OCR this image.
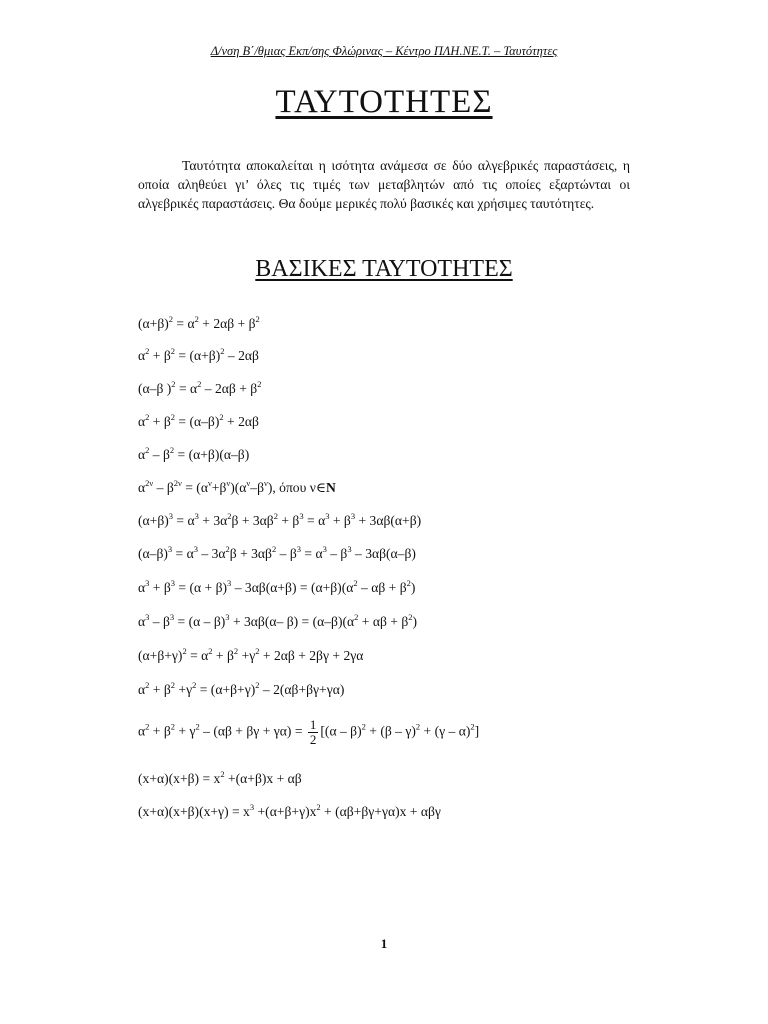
Δ/νση Β΄/θμιας Εκπ/σης Φλώρινας – Κέντρο ΠΛΗ.ΝΕ.Τ. – Ταυτότητες
ΤΑΥΤΟΤΗΤΕΣ
Ταυτότητα αποκαλείται η ισότητα ανάμεσα σε δύο αλγεβρικές παραστάσεις, η οποία αληθεύει γι’ όλες τις τιμές των μεταβλητών από τις οποίες εξαρτώνται οι αλγεβρικές παραστάσεις. Θα δούμε μερικές πολύ βασικές και χρήσιμες ταυτότητες.
ΒΑΣΙΚΕΣ ΤΑΥΤΟΤΗΤΕΣ
$(\alpha+\beta)^2 = \alpha^2 + 2\alpha\beta + \beta^2$
$\alpha^2 + \beta^2 = (\alpha+\beta)^2 - 2\alpha\beta$
(α–β )$^2 = \alpha^2 - 2\alpha\beta + \beta^2$
$\alpha^2 + \beta^2 = (\alpha-\beta)^2 + 2\alpha\beta$
$\alpha^2 - \beta^2 = (\alpha+\beta)(\alpha-\beta)$
$\alpha^{2\nu} - \beta^{2\nu} = (\alpha^\nu+\beta^\nu)(\alpha^\nu-\beta^\nu)$, όπου ν∈N
$(\alpha+\beta)^3 = \alpha^3 + 3\alpha^2\beta + 3\alpha\beta^2 + \beta^3 = \alpha^3 + \beta^3 + 3\alpha\beta(\alpha+\beta)$
$(\alpha-\beta)^3 = \alpha^3 - 3\alpha^2\beta + 3\alpha\beta^2 - \beta^3 = \alpha^3 - \beta^3 - 3\alpha\beta(\alpha-\beta)$
$\alpha^3 + \beta^3 = (\alpha + \beta)^3 - 3\alpha\beta(\alpha+\beta) = (\alpha+\beta)(\alpha^2 - \alpha\beta + \beta^2)$
$\alpha^3 - \beta^3 = (\alpha - \beta)^3 + 3\alpha\beta(\alpha-$ $\beta) = (\alpha-\beta)(\alpha^2 + \alpha\beta + \beta^2)$
$(\alpha+\beta+\gamma)^2 = \alpha^2 + \beta^2 +\gamma^2 + 2\alpha\beta + 2\beta\gamma + 2\gamma\alpha$
$\alpha^2 + \beta^2 +\gamma^2 = (\alpha+\beta+\gamma)^2 - 2(\alpha\beta+\beta\gamma+\gamma\alpha)$
$\alpha^2 + \beta^2 + \gamma^2 - (\alpha\beta + \beta\gamma + \gamma\alpha) = \frac{1}{2} [(\alpha - \beta)^2 + (\beta - \gamma)^2 + (\gamma - \alpha)^2]$
$(x+\alpha)(x+\beta) = x^2 +(\alpha+\beta)x + \alpha\beta$
$(x+\alpha)(x+\beta)(x+\gamma) = x^3 +(\alpha+\beta+\gamma)x^2 + (\alpha\beta+\beta\gamma+\gamma\alpha)x + \alpha\beta\gamma$
1
